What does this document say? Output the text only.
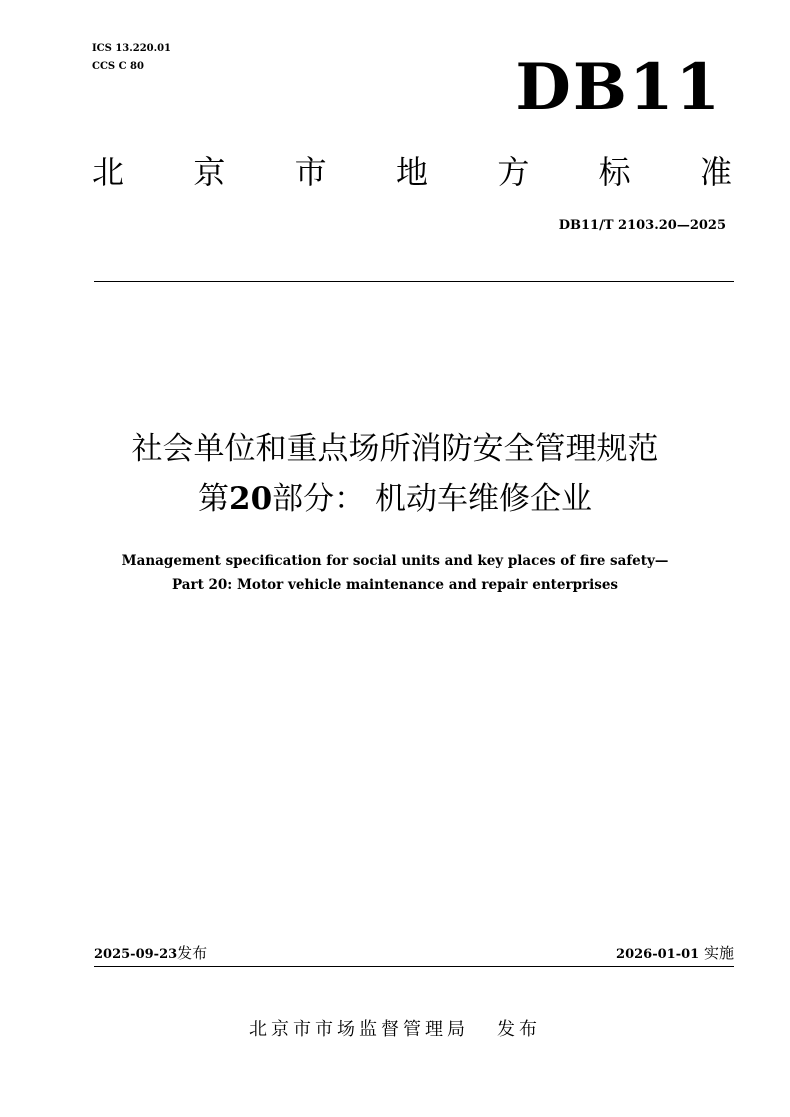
ICS 13.220.01
CCS C 80	DB11
北 京 市 地 方 标 准
DB11/T 2103.20—2025
社会单位和重点场所消防安全管理规范
第20部分： 机动车维修企业
Management specification for social units and key places of fire safety—
Part 20: Motor vehicle maintenance and repair enterprises
2025-09-23发布	2026-01-01 实施
北京市市场监督管理局 发布
